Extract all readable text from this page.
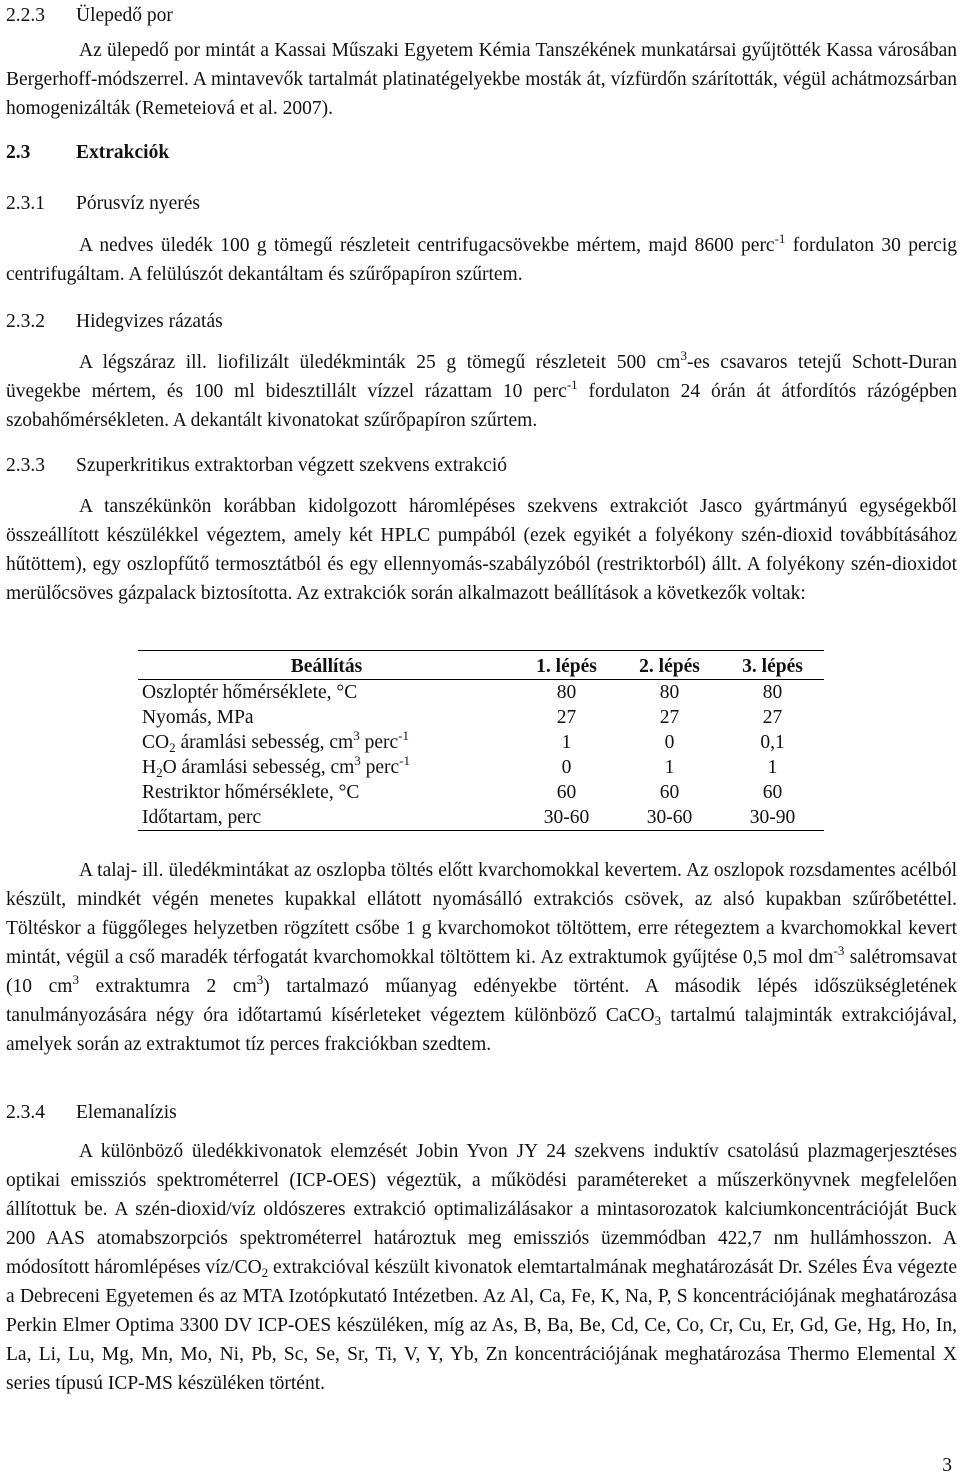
2.2.3 Ülepedő por
Az ülepedő por mintát a Kassai Műszaki Egyetem Kémia Tanszékének munkatársai gyűjtötték Kassa városában Bergerhoff-módszerrel. A mintavevők tartalmát platinatégelyekbe mosták át, vízfürdőn szárították, végül achátmozsárban homogenizálták (Remeteiová et al. 2007).
2.3 Extrakciók
2.3.1 Pórusvíz nyerés
A nedves üledék 100 g tömegű részleteit centrifugacsövekbe mértem, majd 8600 perc$^{-1}$ fordulaton 30 percig centrifugáltam. A felülúszót dekantáltam és szűrőpapíron szűrtem.
2.3.2 Hidegvizes rázatás
A légszáraz ill. liofilizált üledékminták 25 g tömegű részleteit 500 $cm^3-es$ csavaros tetejű Schott-Duran üvegekbe mértem, és 100 ml bidesztillált vízzel rázattam 10 perc$^{-1}$ fordulaton 24 órán át átfordítós rázógépben szobahőmérsékleten. A dekantált kivonatokat szűrőpapíron szűrtem.
2.3.3 Szuperkritikus extraktorban végzett szekvens extrakció
A tanszékünkön korábban kidolgozott háromlépéses szekvens extrakciót Jasco gyártmányú egységekből összeállított készülékkel végeztem, amely két HPLC pumpából (ezek egyikét a folyékony szén-dioxid továbbításához hűtöttem), egy oszlopfűtő termosztátból és egy ellennyomás-szabályzóból (restriktorból) állt. A folyékony szén-dioxidot merülőcsöves gázpalack biztosította. Az extrakciók során alkalmazott beállítások a következők voltak:
Beállítás	1. lépés	2. lépés	3. lépés
Oszloptér hőmérséklete, °C	80	80	80
Nyomás, MPa	27	27	27
$CO_2$ áramlási sebesség, $cm^3$ perc$^{-1}$	1	0	0,1
$H_2O$ áramlási sebesség, $cm^3$ perc$^{-1}$	0	1	1
Restriktor hőmérséklete, °C	60	60	60
Időtartam, perc	30-60	30-60	30-90
A talaj- ill. üledékmintákat az oszlopba töltés előtt kvarchomokkal kevertem. Az oszlopok rozsdamentes acélból készült, mindkét végén menetes kupakkal ellátott nyomásálló extrakciós csövek, az alsó kupakban szűrőbetéttel. Töltéskor a függőleges helyzetben rögzített csőbe 1 g kvarchomokot töltöttem, erre rétegeztem a kvarchomokkal kevert mintát, végül a cső maradék térfogatát kvarchomokkal töltöttem ki. Az extraktumok gyűjtése 0,5 mol $dm^{-3}$ salétromsavat (10 $cm^3$ extraktumra 2 $cm^3$) tartalmazó műanyag edényekbe történt. A második lépés időszükségletének tanulmányozására négy óra időtartamú kísérleteket végeztem különböző CaCO$_3$ tartalmú talajminták extrakciójával, amelyek során az extraktumot tíz perces frakciókban szedtem.
2.3.4 Elemanalízis
A különböző üledékkivonatok elemzését Jobin Yvon JY 24 szekvens induktív csatolású plazmagerjesztéses optikai emissziós spektrométerrel (ICP-OES) végeztük, a működési paramétereket a műszerkönyvnek megfelelően állítottuk be. A szén-dioxid/víz oldószeres extrakció optimalizálásakor a mintasorozatok kalciumkoncentrációját Buck 200 AAS atomabszorpciós spektrométerrel határoztuk meg emissziós üzemmódban 422,7 nm hullámhosszon. A módosított háromlépéses víz/$CO_2$ extrakcióval készült kivonatok elemtartalmának meghatározását Dr. Széles Éva végezte a Debreceni Egyetemen és az MTA Izotópkutató Intézetben. Az Al, Ca, Fe, K, Na, P, S koncentrációjának meghatározása Perkin Elmer Optima 3300 DV ICP-OES készüléken, míg az As, B, Ba, Be, Cd, Ce, Co, Cr, Cu, Er, Gd, Ge, Hg, Ho, In, La, Li, Lu, Mg, Mn, Mo, Ni, Pb, Sc, Se, Sr, Ti, V, Y, Yb, Zn koncentrációjának meghatározása Thermo Elemental X series típusú ICP-MS készüléken történt.
3
